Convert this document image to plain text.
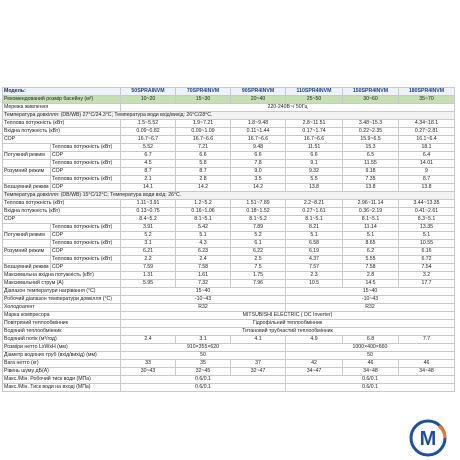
Модель:		50SPRAINVM	70SPR4INVM	90SPR4INVM	110SPR4INVM	150SPR4INVM	180SPR4INVM
Рекомендований розмір басейну (м³)		10~20	15~30	20~40	25~50	30~60	35~70
Мережа живлення		220-240В~/ 50Гц					
Температура довкілля: (DB/WB) 27°C/24.3°C; Температура води вхід/вихід: 26°C/28°C.							
Теплова потужність (кВт)		1.5~5.52	1.9~7.21	1.8~9.48	2.8~11.51	3.48~15.3	4.34~18.1
Вхідна потужність (кВт)		0.09~0.82	0.09~1.09	0.11~1.44	0.17~1.74	0.22~2.35	0.27~2.81
СОР		16.7~6.7	16.7~6.6	16.7~6.6	16.7~6.6	15.9~6.5	16.1~6.4
	Теплова потужність (кВт)	5.52	7.21	9.48	11.51	15.3	18.1
Потужний режим	СОР	6.7	6.6	6.6	6.6	6.5	6.4
	Теплова потужність (кВт)	4.5	5.8	7.8	9.1	11.55	14.01
Розумний режим	СОР	8.7	8.7	9.0	9.32	9.18	9
	Теплова потужність (кВт)	2.1	2.8	3.5	5.5	7.35	8.7
Безшумний режим	СОР	14.1	14.2	14.2	13.8	13.8	13.8
Температура довкілля: (DB/WB) 15°C/12°C; Температура води вхід: 26°C.							
Теплова потужність (кВт)		1.11~3.91	1.2~5.2	1.51~7.89	2.2~8.21	2.96~11.14	3.44~13.35
Вхідна потужність (кВт)		0.13~0.75	0.16~1.06	0.18~1.52	0.27~1.61	0.36~2.19	0.41~2.61
СОР		8.4~5.2	8.1~5.1	8.1~5.2	8.1~5.1	8.1~5.1	8.3~5.1
	Теплова потужність (кВт)	3.91	5.42	7.89	8.21	11.14	13.35
Потужний режим	СОР	5.2	5.1	5.2	5.1	5.1	5.1
	Теплова потужність (кВт)	3.1	4.3	6.1	6.58	8.65	10.55
Розумний режим	СОР	6.21	6.23	6.22	6.19	6.2	6.16
	Теплова потужність (кВт)	2.2	2.4	2.5	4.37	5.55	6.72
Безшумний режим	СОР	7.59	7.58	7.5	7.57	7.58	7.54
Максимальна вхідна потужність (кВт)		1.31	1.61	1.75	2.3	2.8	3.2
Максимальний струм (А)		5.95	7.32	7.96	10.5	14.5	17.7
Діапазон температури нагрівання (°C)		15~40			15~40		
Робочий діапазон температури довкілля (°C)		-10~43			-10~43		
Холодоагент		R32			R32		
Марка компресора		MITSUBISHI ELECTRIC ( DC Inverter)					
Повітряний теплообмінник		Гідрофільний теплообмінник					
Водяний теплообмінник		Титановий трубчастий теплообмінник					
Водяний потік (м³/год)		2.4	3.1	4.1	4.9	6.8	7.7
Розміри нетто LxWxH (мм)		910×355×620			1000×400×660		
Діаметр водяних труб (вхід/вихід) (мм)		50			50		
Вага нетто (кг)		33	35	37	42	46	46
Рівень шуму дБ(А)		30~43	32~45	32~47	34~47	34~48	34~48
Макс./Мін. Робочий тиск води (МПа)		0.6/0.1			0.6/0.1		
Макс./Мін. Тиск води на вході (МПа)		0.6/0.1			0.6/0.1		
M
